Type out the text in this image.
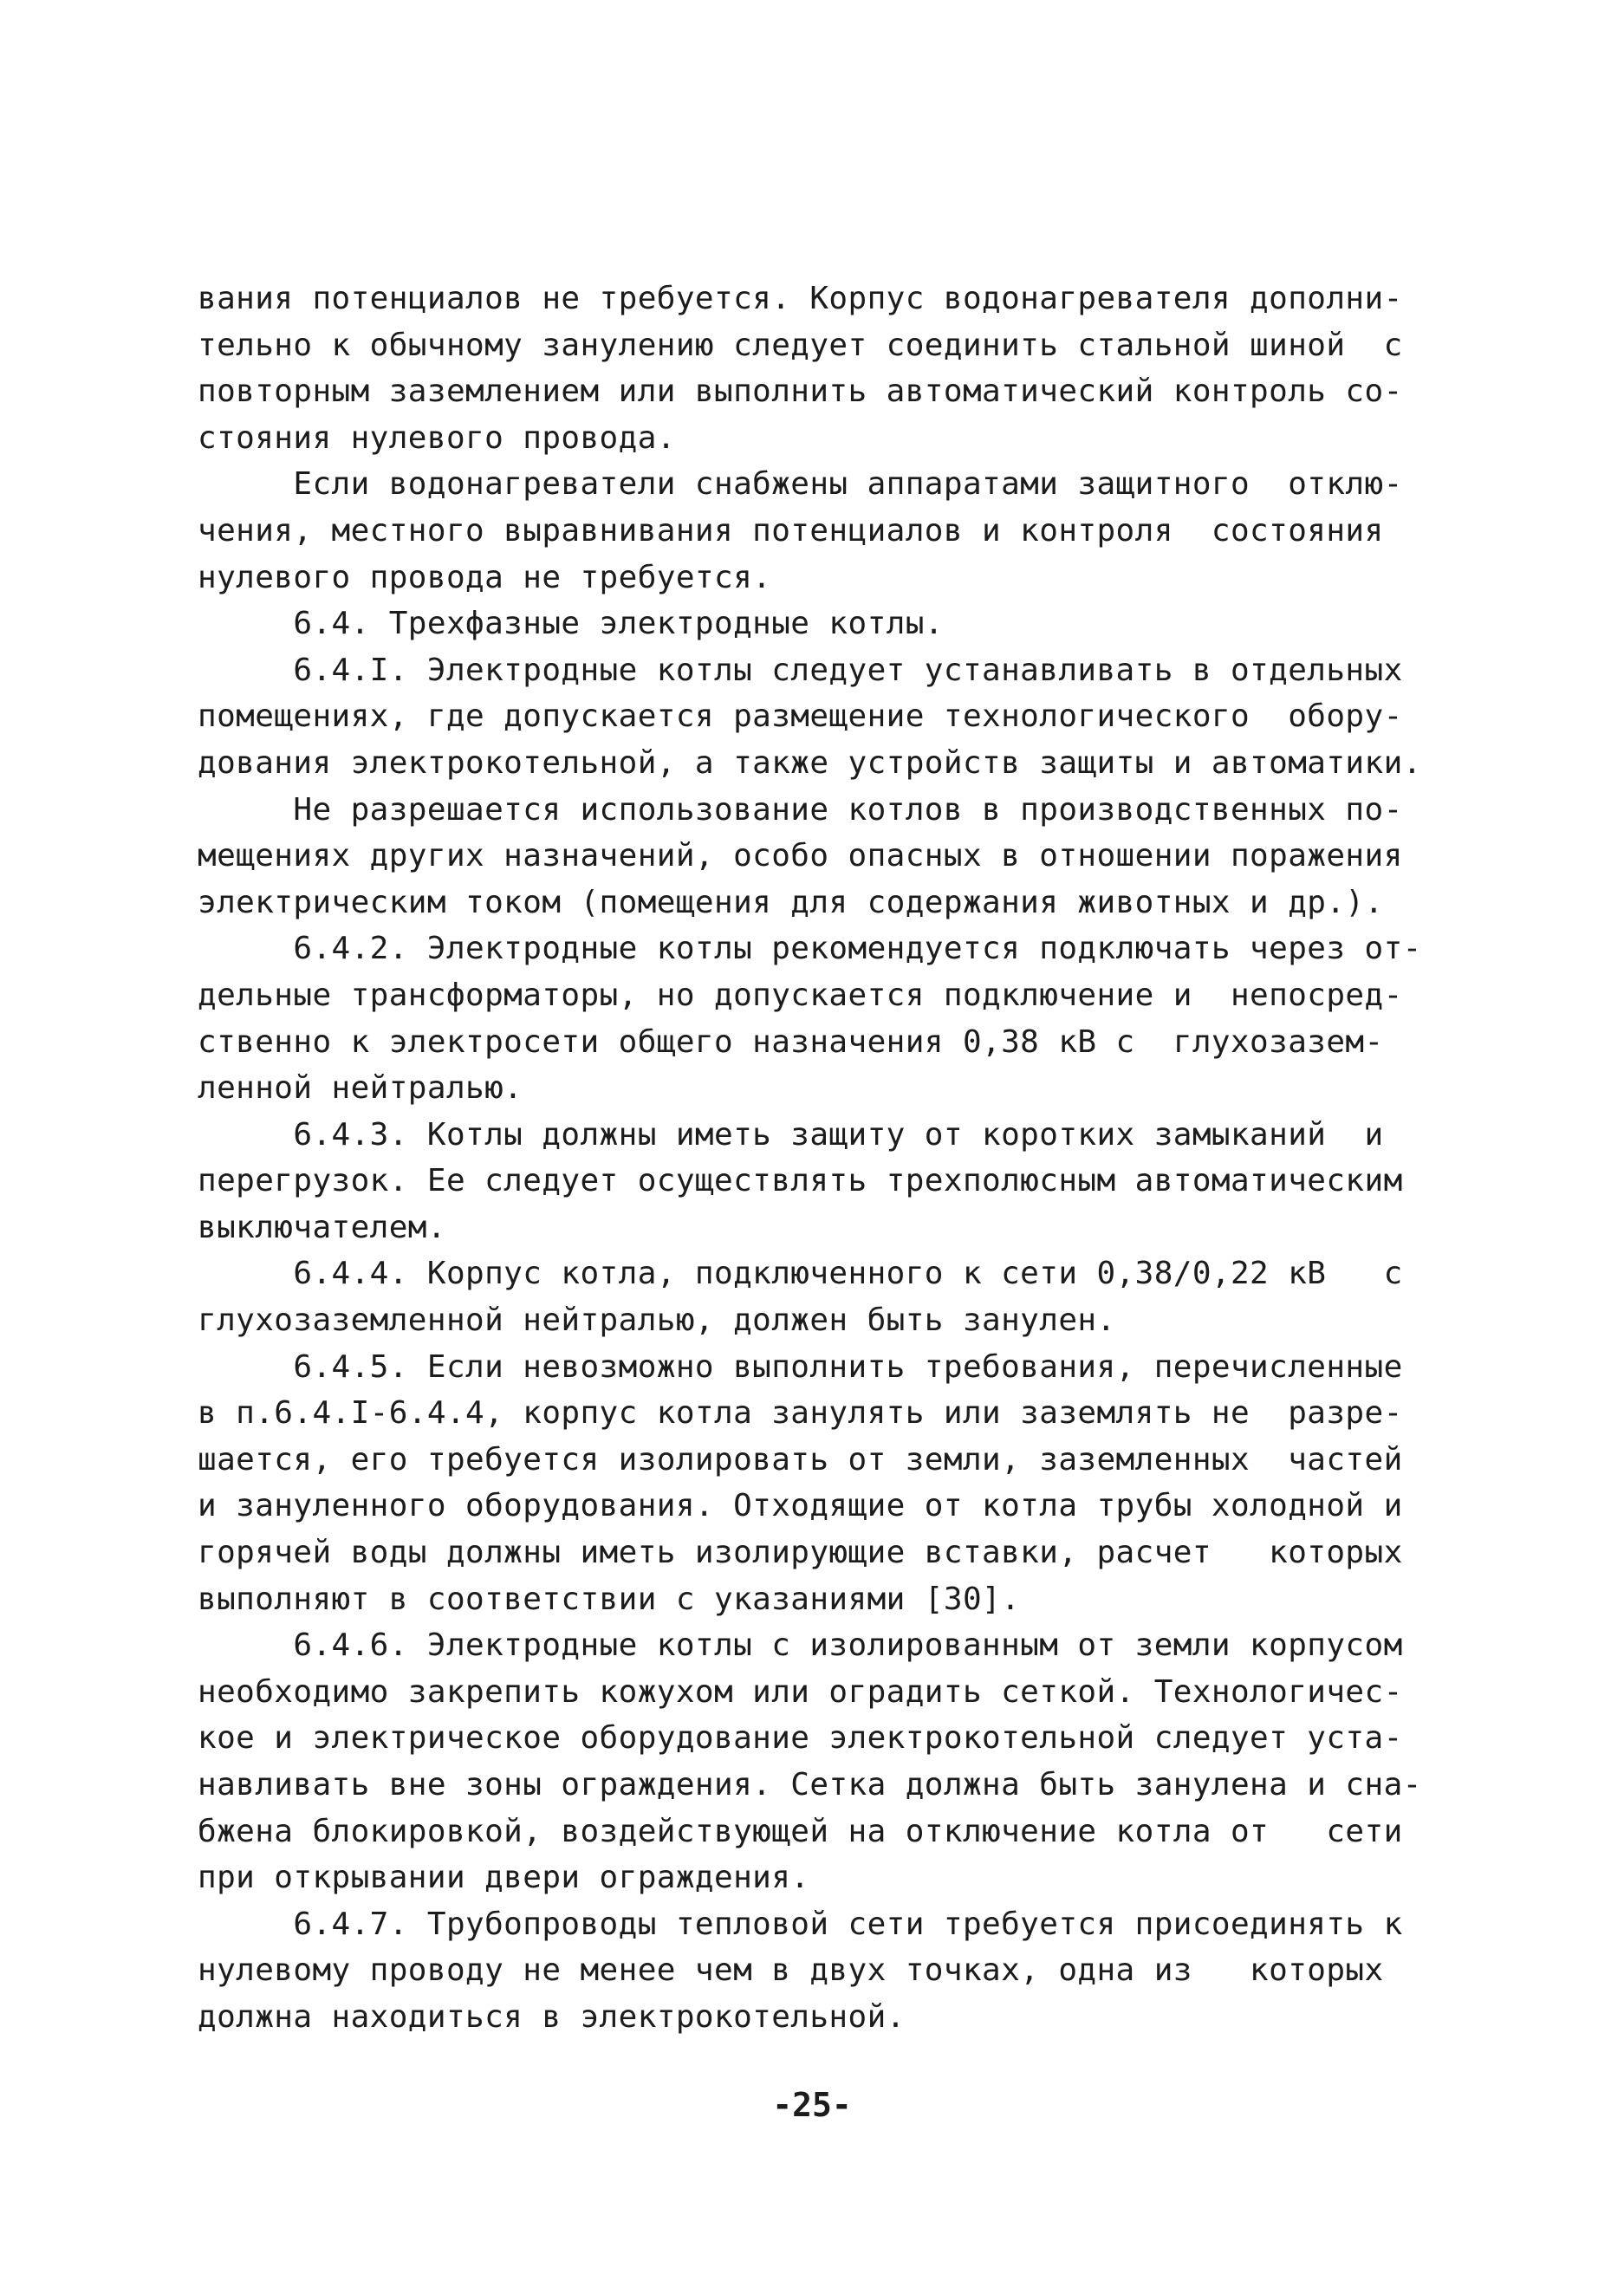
вания потенциалов не требуется. Корпус водонагревателя дополни-
тельно к обычному занулению следует соединить стальной шиной  с
повторным заземлением или выполнить автоматический контроль со-
стояния нулевого провода.
Если водонагреватели снабжены аппаратами защитного  отклю-
чения, местного выравнивания потенциалов и контроля  состояния
нулевого провода не требуется.
6.4. Трехфазные электродные котлы.
6.4.I. Электродные котлы следует устанавливать в отдельных
помещениях, где допускается размещение технологического  обору-
дования электрокотельной, а также устройств защиты и автоматики.
Не разрешается использование котлов в производственных по-
мещениях других назначений, особо опасных в отношении поражения
электрическим током (помещения для содержания животных и др.).
6.4.2. Электродные котлы рекомендуется подключать через от-
дельные трансформаторы, но допускается подключение и  непосред-
ственно к электросети общего назначения 0,38 кВ с  глухозазем-
ленной нейтралью.
6.4.3. Котлы должны иметь защиту от коротких замыканий  и
перегрузок. Ее следует осуществлять трехполюсным автоматическим
выключателем.
6.4.4. Корпус котла, подключенного к сети 0,38/0,22 кВ   с
глухозаземленной нейтралью, должен быть занулен.
6.4.5. Если невозможно выполнить требования, перечисленные
в п.6.4.I-6.4.4, корпус котла занулять или заземлять не  разре-
шается, его требуется изолировать от земли, заземленных  частей
и зануленного оборудования. Отходящие от котла трубы холодной и
горячей воды должны иметь изолирующие вставки, расчет   которых
выполняют в соответствии с указаниями [30].
6.4.6. Электродные котлы с изолированным от земли корпусом
необходимо закрепить кожухом или оградить сеткой. Технологичес-
кое и электрическое оборудование электрокотельной следует уста-
навливать вне зоны ограждения. Сетка должна быть занулена и сна-
бжена блокировкой, воздействующей на отключение котла от   сети
при открывании двери ограждения.
6.4.7. Трубопроводы тепловой сети требуется присоединять к
нулевому проводу не менее чем в двух точках, одна из   которых
должна находиться в электрокотельной.
-25-
